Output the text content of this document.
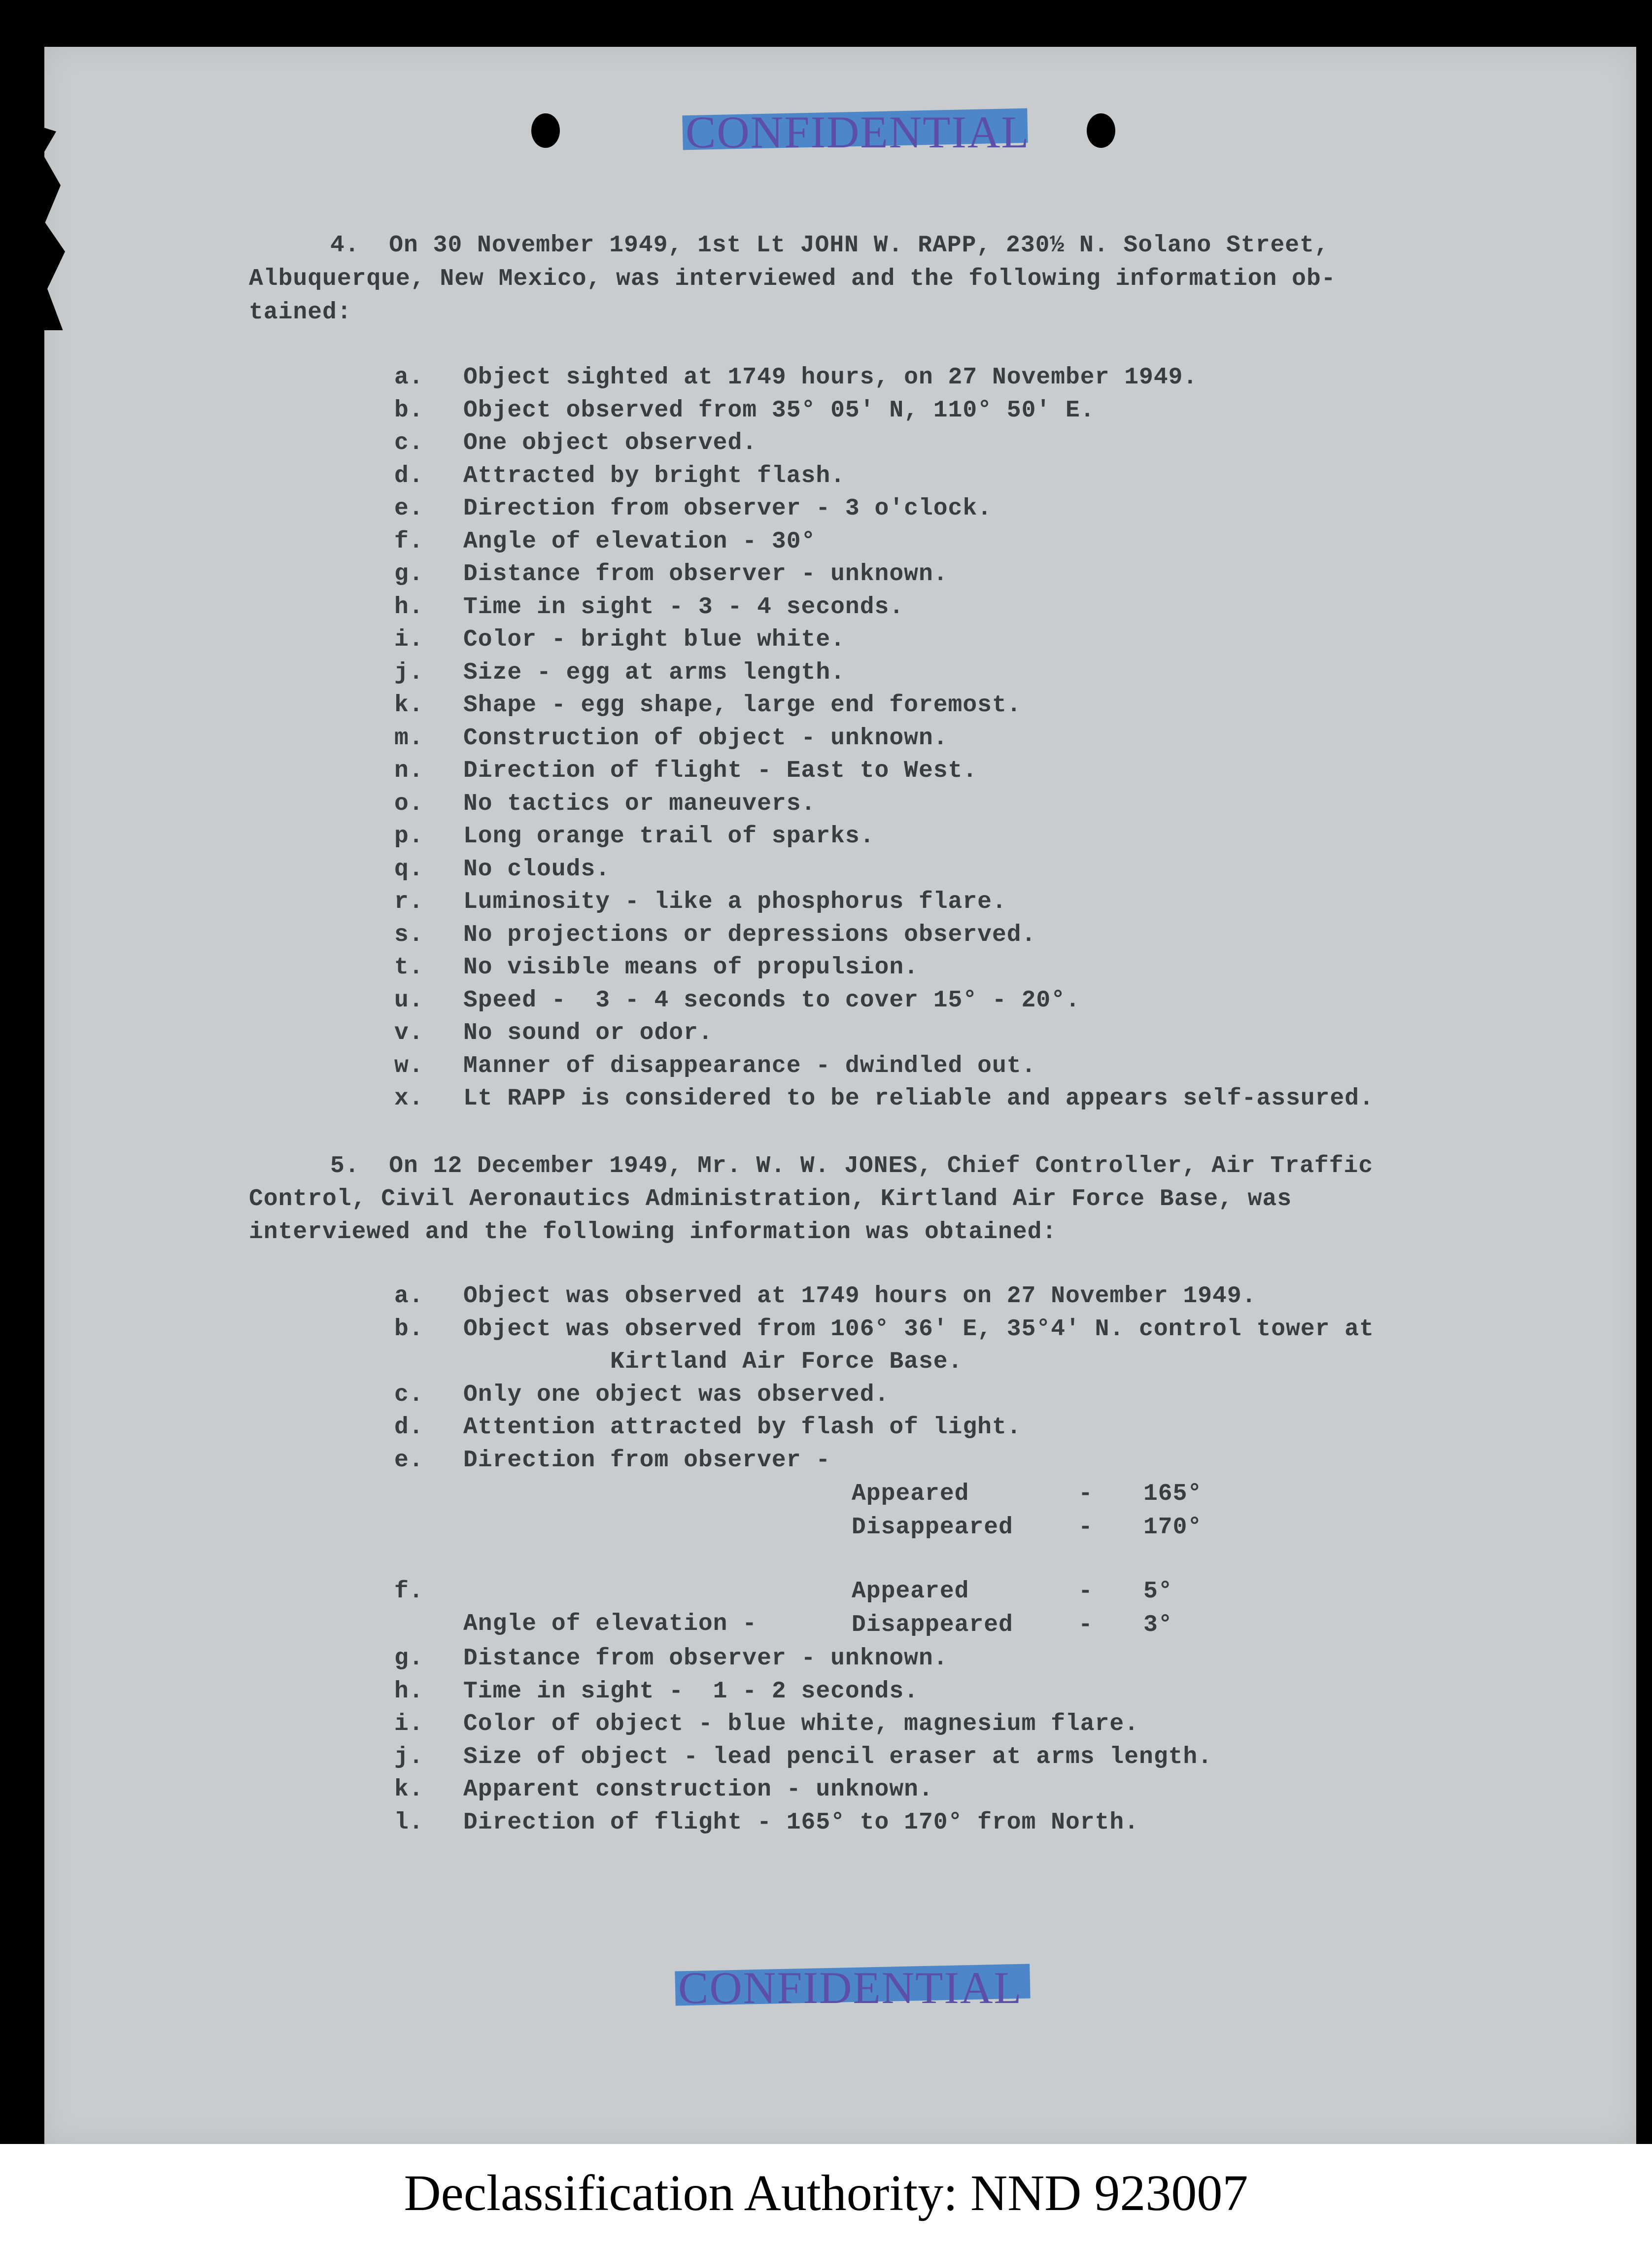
CONFIDENTIAL

4.  On 30 November 1949, 1st Lt JOHN W. RAPP, 230½ N. Solano Street,

Albuquerque, New Mexico, was interviewed and the following information ob-

tained:

a. Object sighted at 1749 hours, on 27 November 1949.
b. Object observed from 35° 05' N, 110° 50' E.
c. One object observed.
d. Attracted by bright flash.
e. Direction from observer - 3 o'clock.
f. Angle of elevation - 30°
g. Distance from observer - unknown.
h. Time in sight - 3 - 4 seconds.
i. Color - bright blue white.
j. Size - egg at arms length.
k. Shape - egg shape, large end foremost.
m. Construction of object - unknown.
n. Direction of flight - East to West.
o. No tactics or maneuvers.
p. Long orange trail of sparks.
q. No clouds.
r. Luminosity - like a phosphorus flare.
s. No projections or depressions observed.
t. No visible means of propulsion.
u. Speed -  3 - 4 seconds to cover 15° - 20°.
v. No sound or odor.
w. Manner of disappearance - dwindled out.
x. Lt RAPP is considered to be reliable and appears self-assured.

5.  On 12 December 1949, Mr. W. W. JONES, Chief Controller, Air Traffic

Control, Civil Aeronautics Administration, Kirtland Air Force Base, was

interviewed and the following information was obtained:

a. Object was observed at 1749 hours on 27 November 1949.
b. Object was observed from 106° 36' E, 35°4' N. control tower at
Kirtland Air Force Base.
c. Only one object was observed.
d. Attention attracted by flash of light.
e. Direction from observer -
Appeared	- 165°
Disappeared	- 170°

f.

Angle of elevation -

Appeared	- 5°
Disappeared	- 3°
g. Distance from observer - unknown.
h. Time in sight -  1 - 2 seconds.
i. Color of object - blue white, magnesium flare.
j. Size of object - lead pencil eraser at arms length.
k. Apparent construction - unknown.
l. Direction of flight - 165° to 170° from North.
CONFIDENTIAL
Declassification Authority: NND 923007
